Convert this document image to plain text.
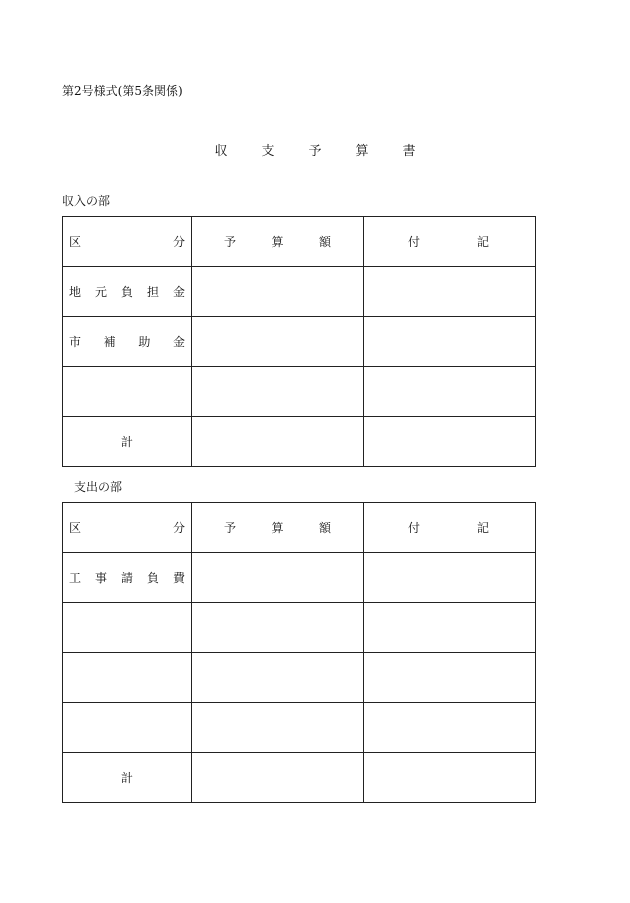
第2号様式(第5条関係)
収	支	予	算	書
収入の部
区 分	予 算 額	付 記

地 元 負 担 金		

市 補 助 金		

計		
支出の部
区 分	予 算 額	付 記

工 事 請 負 費		

計		
